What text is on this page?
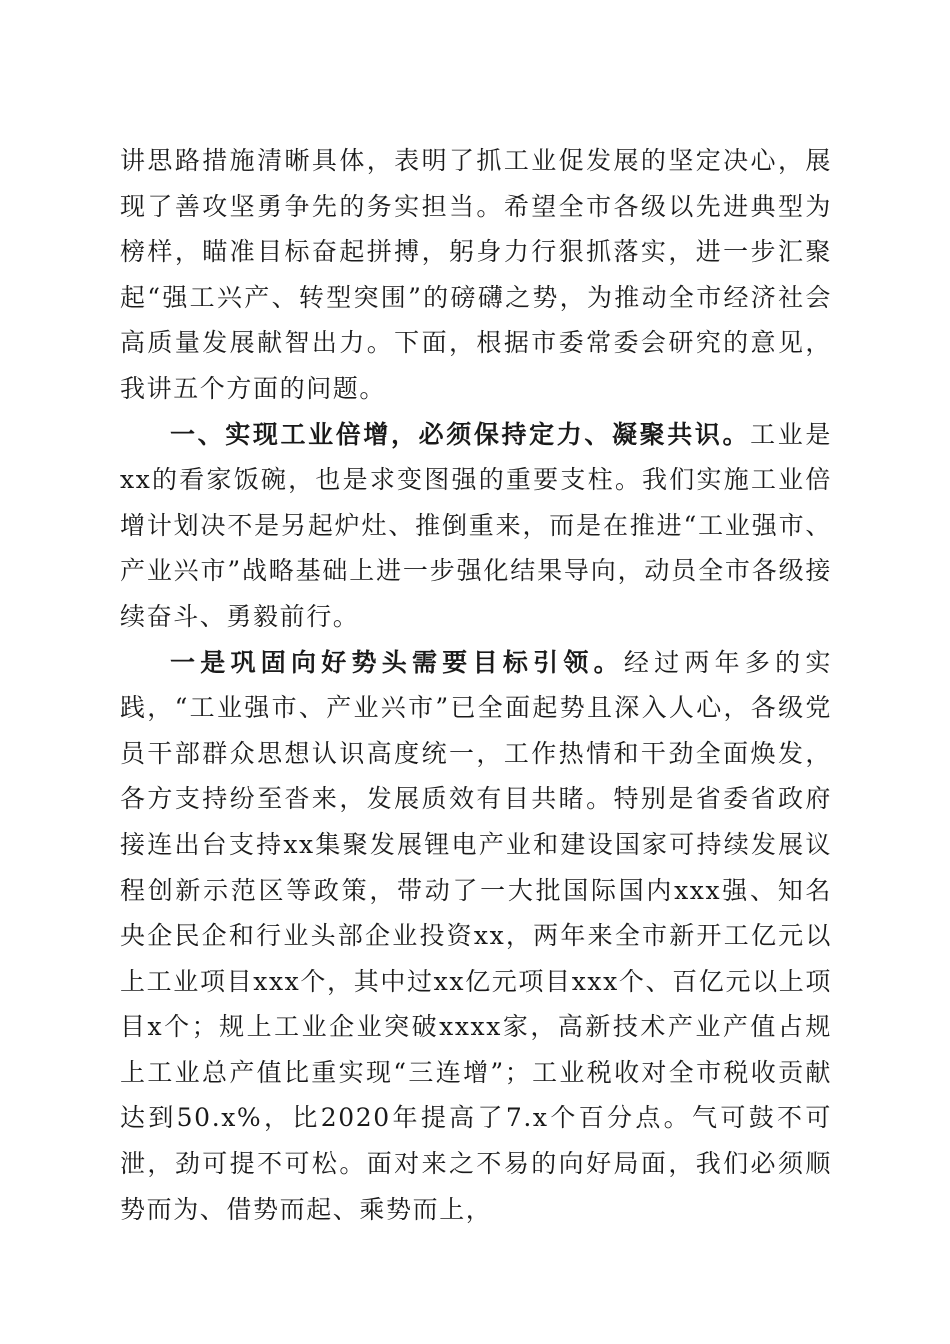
讲思路措施清晰具体，表明了抓工业促发展的坚定决心，展现了善攻坚勇争先的务实担当。希望全市各级以先进典型为榜样，瞄准目标奋起拼搏，躬身力行狠抓落实，进一步汇聚起“强工兴产、转型突围”的磅礴之势，为推动全市经济社会高质量发展献智出力。下面，根据市委常委会研究的意见，我讲五个方面的问题。

一、实现工业倍增，必须保持定力、凝聚共识。工业是xx的看家饭碗，也是求变图强的重要支柱。我们实施工业倍增计划决不是另起炉灶、推倒重来，而是在推进“工业强市、产业兴市”战略基础上进一步强化结果导向，动员全市各级接续奋斗、勇毅前行。

一是巩固向好势头需要目标引领。经过两年多的实践，“工业强市、产业兴市”已全面起势且深入人心，各级党员干部群众思想认识高度统一，工作热情和干劲全面焕发，各方支持纷至沓来，发展质效有目共睹。特别是省委省政府接连出台支持xx集聚发展锂电产业和建设国家可持续发展议程创新示范区等政策，带动了一大批国际国内xxx强、知名央企民企和行业头部企业投资xx，两年来全市新开工亿元以上工业项目xxx个，其中过xx亿元项目xxx个、百亿元以上项目x个；规上工业企业突破xxxx家，高新技术产业产值占规上工业总产值比重实现“三连增”；工业税收对全市税收贡献达到50.x%，比2020年提高了7.x个百分点。气可鼓不可泄，劲可提不可松。面对来之不易的向好局面，我们必须顺势而为、借势而起、乘势而上，
